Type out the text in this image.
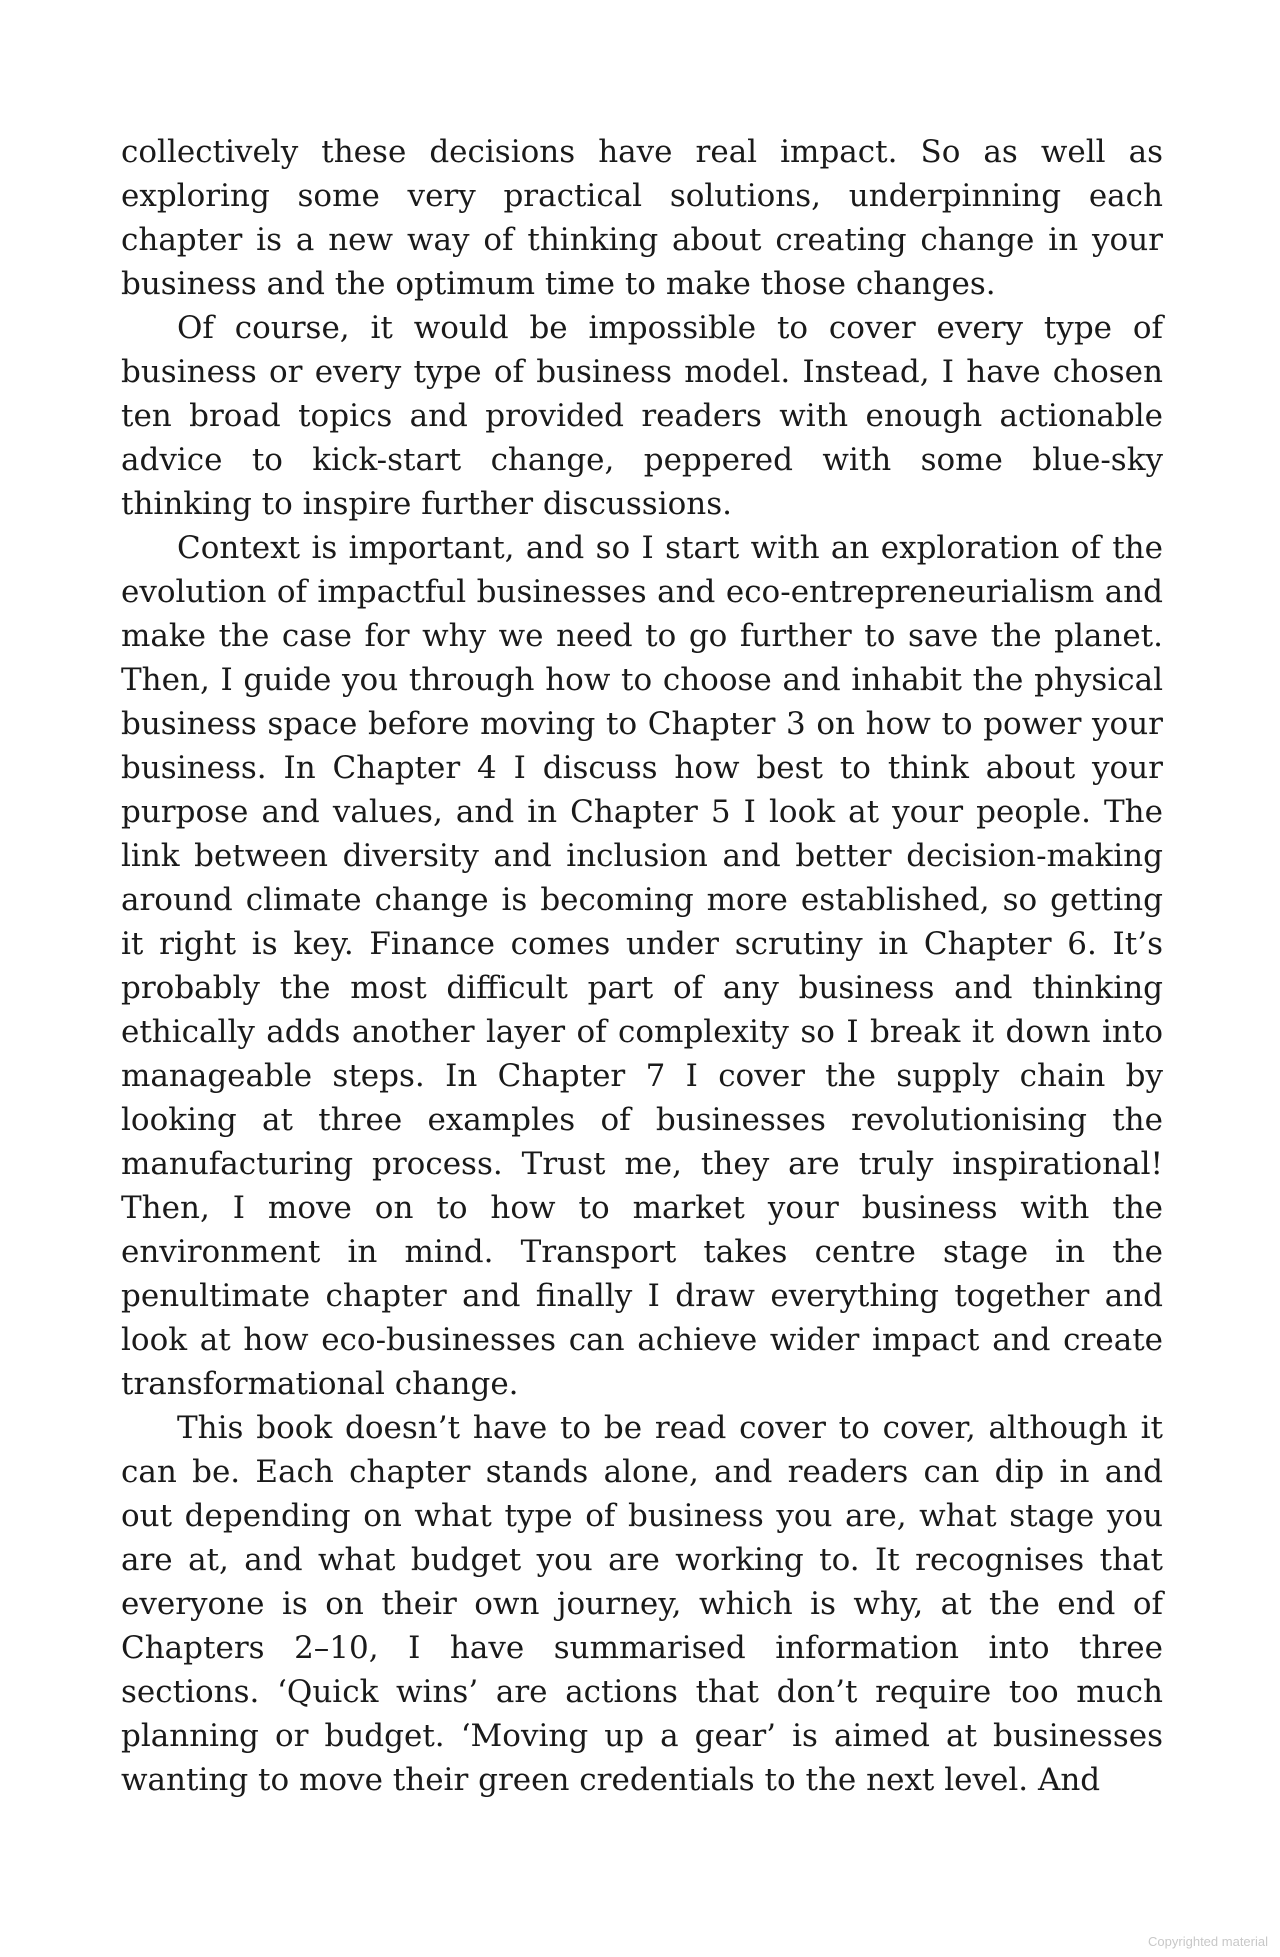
collectively these decisions have real impact. So as well as exploring some very practical solutions, underpinning each chapter is a new way of thinking about creating change in your business and the optimum time to make those changes.

Of course, it would be impossible to cover every type of business or every type of business model. Instead, I have chosen ten broad topics and provided readers with enough actionable advice to kick-start change, peppered with some blue-sky thinking to inspire further discussions.

Context is important, and so I start with an exploration of the evolution of impactful businesses and eco-entrepreneurialism and make the case for why we need to go further to save the planet. Then, I guide you through how to choose and inhabit the physical business space before moving to Chapter 3 on how to power your business. In Chapter 4 I discuss how best to think about your purpose and values, and in Chapter 5 I look at your people. The link between diversity and inclusion and better decision-making around climate change is becoming more established, so getting it right is key. Finance comes under scrutiny in Chapter 6. It’s probably the most difficult part of any business and thinking ethically adds another layer of complexity so I break it down into manageable steps. In Chapter 7 I cover the supply chain by looking at three examples of businesses revolutionising the manufacturing process. Trust me, they are truly inspirational! Then, I move on to how to market your business with the environment in mind. Transport takes centre stage in the penultimate chapter and finally I draw everything together and look at how eco-businesses can achieve wider impact and create transformational change.

This book doesn’t have to be read cover to cover, although it can be. Each chapter stands alone, and readers can dip in and out depending on what type of business you are, what stage you are at, and what budget you are working to. It recognises that everyone is on their own journey, which is why, at the end of Chapters 2–10, I have summarised information into three sections. ‘Quick wins’ are actions that don’t require too much planning or budget. ‘Moving up a gear’ is aimed at businesses wanting to move their green credentials to the next level. And

Copyrighted material
